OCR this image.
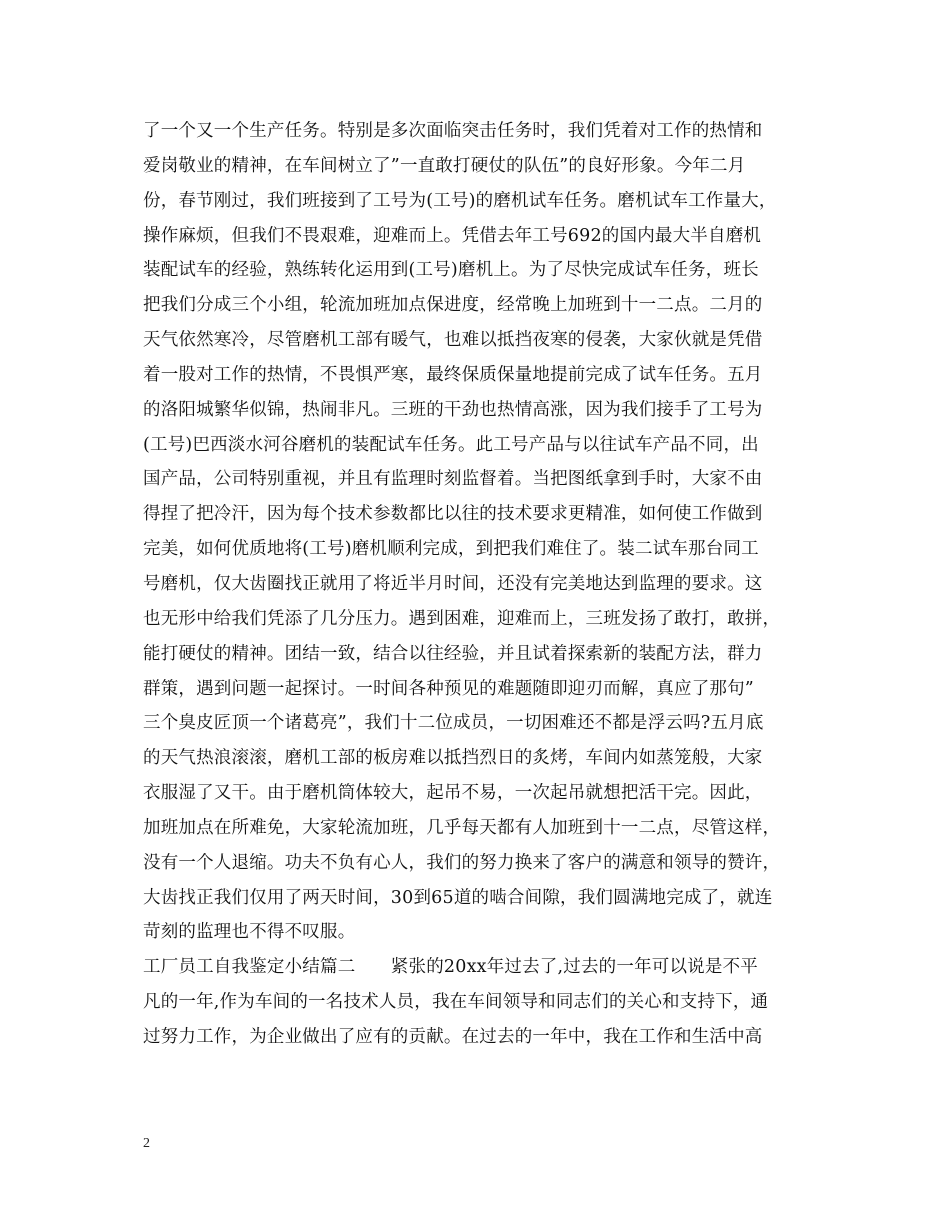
了一个又一个生产任务。特别是多次面临突击任务时，我们凭着对工作的热情和
爱岗敬业的精神，在车间树立了”一直敢打硬仗的队伍”的良好形象。今年二月
份，春节刚过，我们班接到了工号为(工号)的磨机试车任务。磨机试车工作量大，
操作麻烦，但我们不畏艰难，迎难而上。凭借去年工号692的国内最大半自磨机
装配试车的经验，熟练转化运用到(工号)磨机上。为了尽快完成试车任务，班长
把我们分成三个小组，轮流加班加点保进度，经常晚上加班到十一二点。二月的
天气依然寒冷，尽管磨机工部有暖气，也难以抵挡夜寒的侵袭，大家伙就是凭借
着一股对工作的热情，不畏惧严寒，最终保质保量地提前完成了试车任务。五月
的洛阳城繁华似锦，热闹非凡。三班的干劲也热情高涨，因为我们接手了工号为
(工号)巴西淡水河谷磨机的装配试车任务。此工号产品与以往试车产品不同，出
国产品，公司特别重视，并且有监理时刻监督着。当把图纸拿到手时，大家不由
得捏了把冷汗，因为每个技术参数都比以往的技术要求更精准，如何使工作做到
完美，如何优质地将(工号)磨机顺利完成，到把我们难住了。装二试车那台同工
号磨机，仅大齿圈找正就用了将近半月时间，还没有完美地达到监理的要求。这
也无形中给我们凭添了几分压力。遇到困难，迎难而上，三班发扬了敢打，敢拼，
能打硬仗的精神。团结一致，结合以往经验，并且试着探索新的装配方法，群力
群策，遇到问题一起探讨。一时间各种预见的难题随即迎刃而解，真应了那句”
三个臭皮匠顶一个诸葛亮”，我们十二位成员，一切困难还不都是浮云吗?五月底
的天气热浪滚滚，磨机工部的板房难以抵挡烈日的炙烤，车间内如蒸笼般，大家
衣服湿了又干。由于磨机筒体较大，起吊不易，一次起吊就想把活干完。因此，
加班加点在所难免，大家轮流加班，几乎每天都有人加班到十一二点，尽管这样，
没有一个人退缩。功夫不负有心人，我们的努力换来了客户的满意和领导的赞许，
大齿找正我们仅用了两天时间，30到65道的啮合间隙，我们圆满地完成了，就连
苛刻的监理也不得不叹服。
工厂员工自我鉴定小结篇二　　紧张的20xx年过去了,过去的一年可以说是不平
凡的一年,作为车间的一名技术人员，我在车间领导和同志们的关心和支持下，通
过努力工作，为企业做出了应有的贡献。在过去的一年中，我在工作和生活中高
2
